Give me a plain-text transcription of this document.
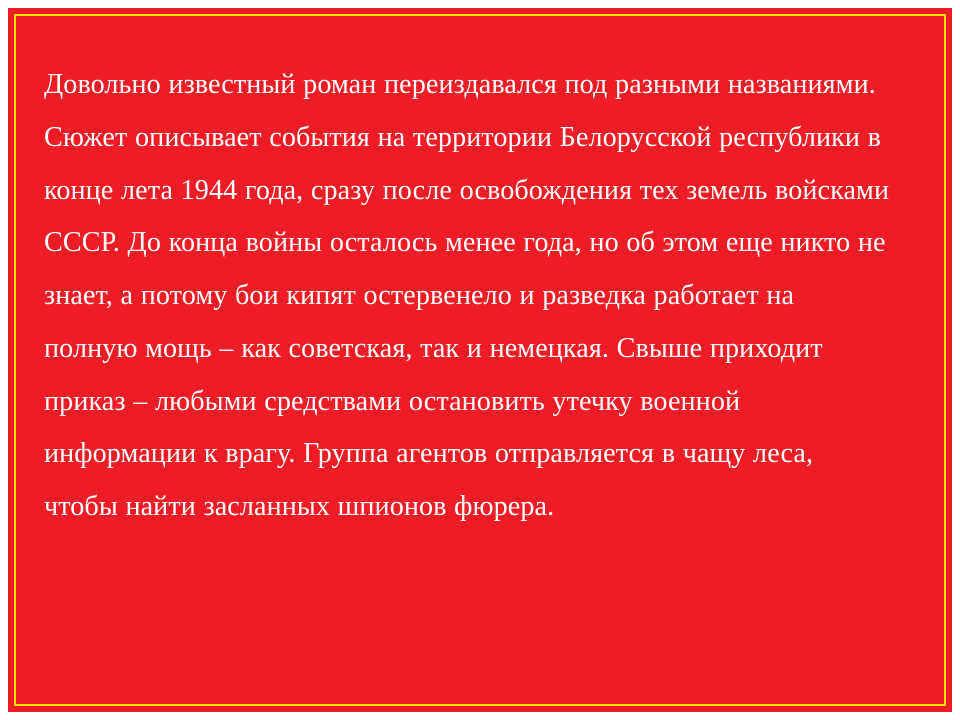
Довольно известный роман переиздавался под разными названиями. Сюжет описывает события на территории Белорусской республики в конце лета 1944 года, сразу после освобождения тех земель войсками СССР. До конца войны осталось менее года, но об этом еще никто не знает, а потому бои кипят остервенело и разведка работает на полную мощь – как советская, так и немецкая. Свыше приходит приказ – любыми средствами остановить утечку военной информации к врагу. Группа агентов отправляется в чащу леса, чтобы найти засланных шпионов фюрера.
